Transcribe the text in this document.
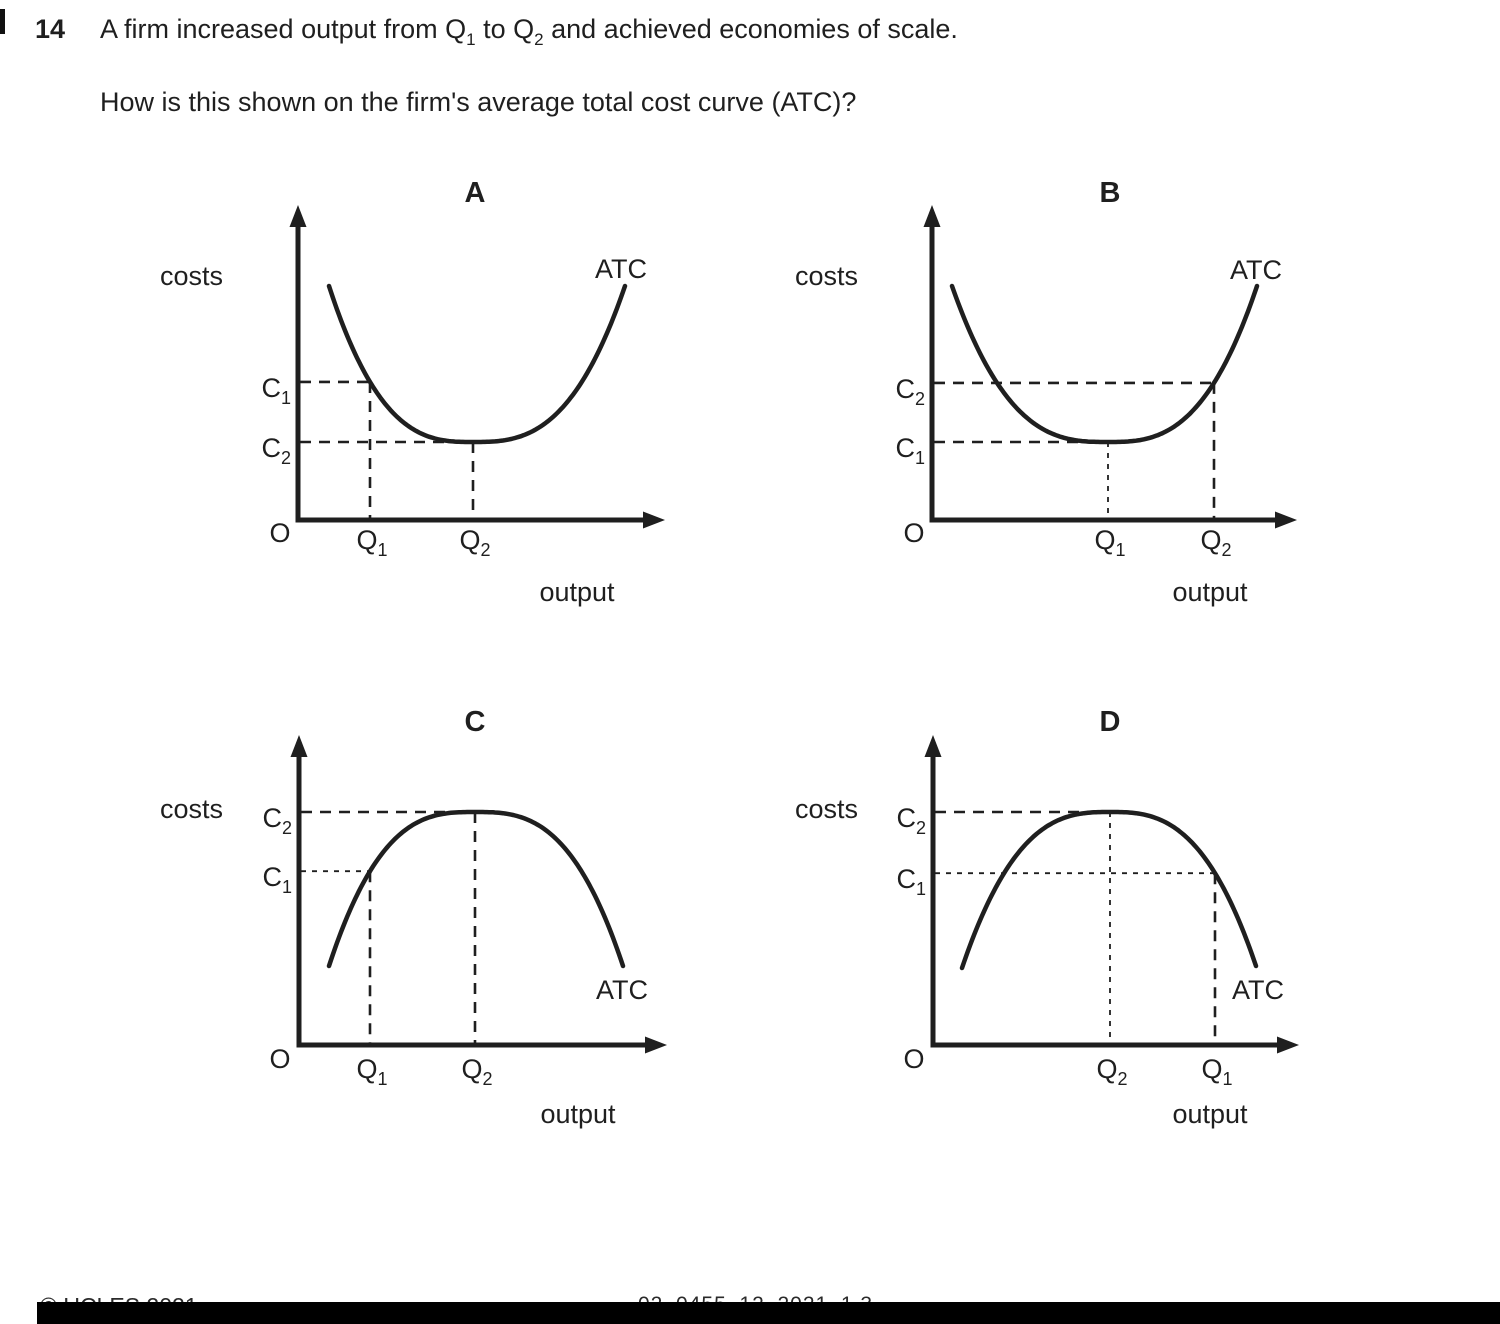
14 A firm increased output from $Q_1$ to $Q_2$ and achieved economies of scale.
How is this shown on the firm's average total cost curve (ATC)?
$C_1$
$Q_1$
$C_2$
$Q_2$
A
costs
output
O
ATC
$C_1$
$Q_1$
$C_2$
$Q_2$
B
costs
output
O
ATC
$C_1$
$Q_1$
$C_2$
$Q_2$
C
costs
output
O
ATC
$C_2$
$Q_2$
$C_1$
$Q_1$
D
costs
output
O
ATC
